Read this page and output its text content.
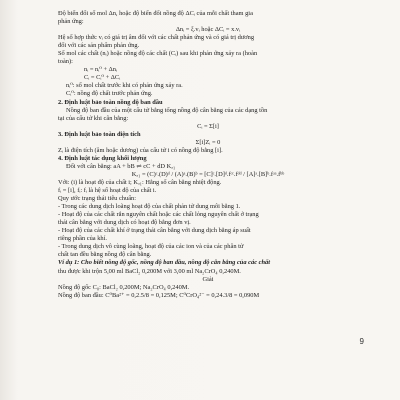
Độ biến đổi số mol Δn, hoặc độ biến đổi nồng độ ΔCᵢ của mỗi chất tham gia
phản ứng:
Δnᵢ = ξ.vᵢ hoặc ΔCᵢ = x.vᵢ
Hệ số hợp thức vᵢ có giá trị âm đối với các chất phản ứng và có giá trị dương
đối với các sản phẩm phản ứng.
Số mol các chất (nᵢ) hoặc nồng độ các chất (Cᵢ) sau khi phản ứng xảy ra (hoàn
toàn):
nᵢ = nᵢ⁰ + Δnᵢ
Cᵢ = Cᵢ⁰ + ΔCᵢ
nᵢ⁰: số mol chất trước khi có phản ứng xảy ra.
Cᵢ⁰: nồng độ chất trước phản ứng.
2. Định luật bảo toàn nồng độ ban đầu
Nồng độ ban đầu của một cấu tử bằng tổng nồng độ cân bằng của các dạng tồn
tại của cấu tử khi cân bằng:
Cᵢ = Σ[i]
3. Định luật bảo toàn điện tích
Σ[i]Zᵢ = 0
Zᵢ là điện tích (âm hoặc dương) của cấu tử i có nồng độ bằng [i].
4. Định luật tác dụng khối lượng
Đối với cân bằng: aA + bB ⇌ cC + dD Kₐ₁
Kₐ₁ = (C)ᶜ.(D)ᵈ / (A)ᵃ.(B)ᵇ = [C]ᶜ.[D]ᵈ.fᶜᶜ.fᵈᵈ / [A]ᵃ.[B]ᵇ.fᵃᵃ.fᵇᵇ
Với: (i) là hoạt độ của chất i; Kₐ₁: Hằng số cân bằng nhiệt động.
fᵢ = [i], fᵢ: fᵢ là hệ số hoạt độ của chất i.
Quy ước trạng thái tiêu chuẩn:
- Trong các dung dịch loãng hoạt độ của chất phản tử dung môi bằng 1.
- Hoạt độ của các chất rắn nguyên chất hoặc các chất lỏng nguyên chất ở trạng
thái cân bằng với dung dịch có hoạt độ bằng đơn vị.
- Hoạt độ của các chất khí ở trạng thái cân bằng với dung dịch bằng áp suất
riêng phần của khí.
- Trong dung dịch vô cùng loãng, hoạt độ của các ion và của các phân tử
chất tan đều bằng nồng độ cân bằng.
Ví dụ 1: Cho biết nồng độ gốc, nồng độ ban đầu, nồng độ cân bằng của các chất
thu được khi trộn 5,00 ml BaCl₂ 0,200M với 3,00 ml Na₂CrO₄ 0,240M.
Giải
Nồng độ gốc C₀: BaCl₂ 0,200M; Na₂CrO₄ 0,240M.
Nồng độ ban đầu: C⁰Ba²⁺ = 0,2.5/8 = 0,125M; C⁰CrO₄²⁻ = 0,24.3/8 = 0,090M
9
